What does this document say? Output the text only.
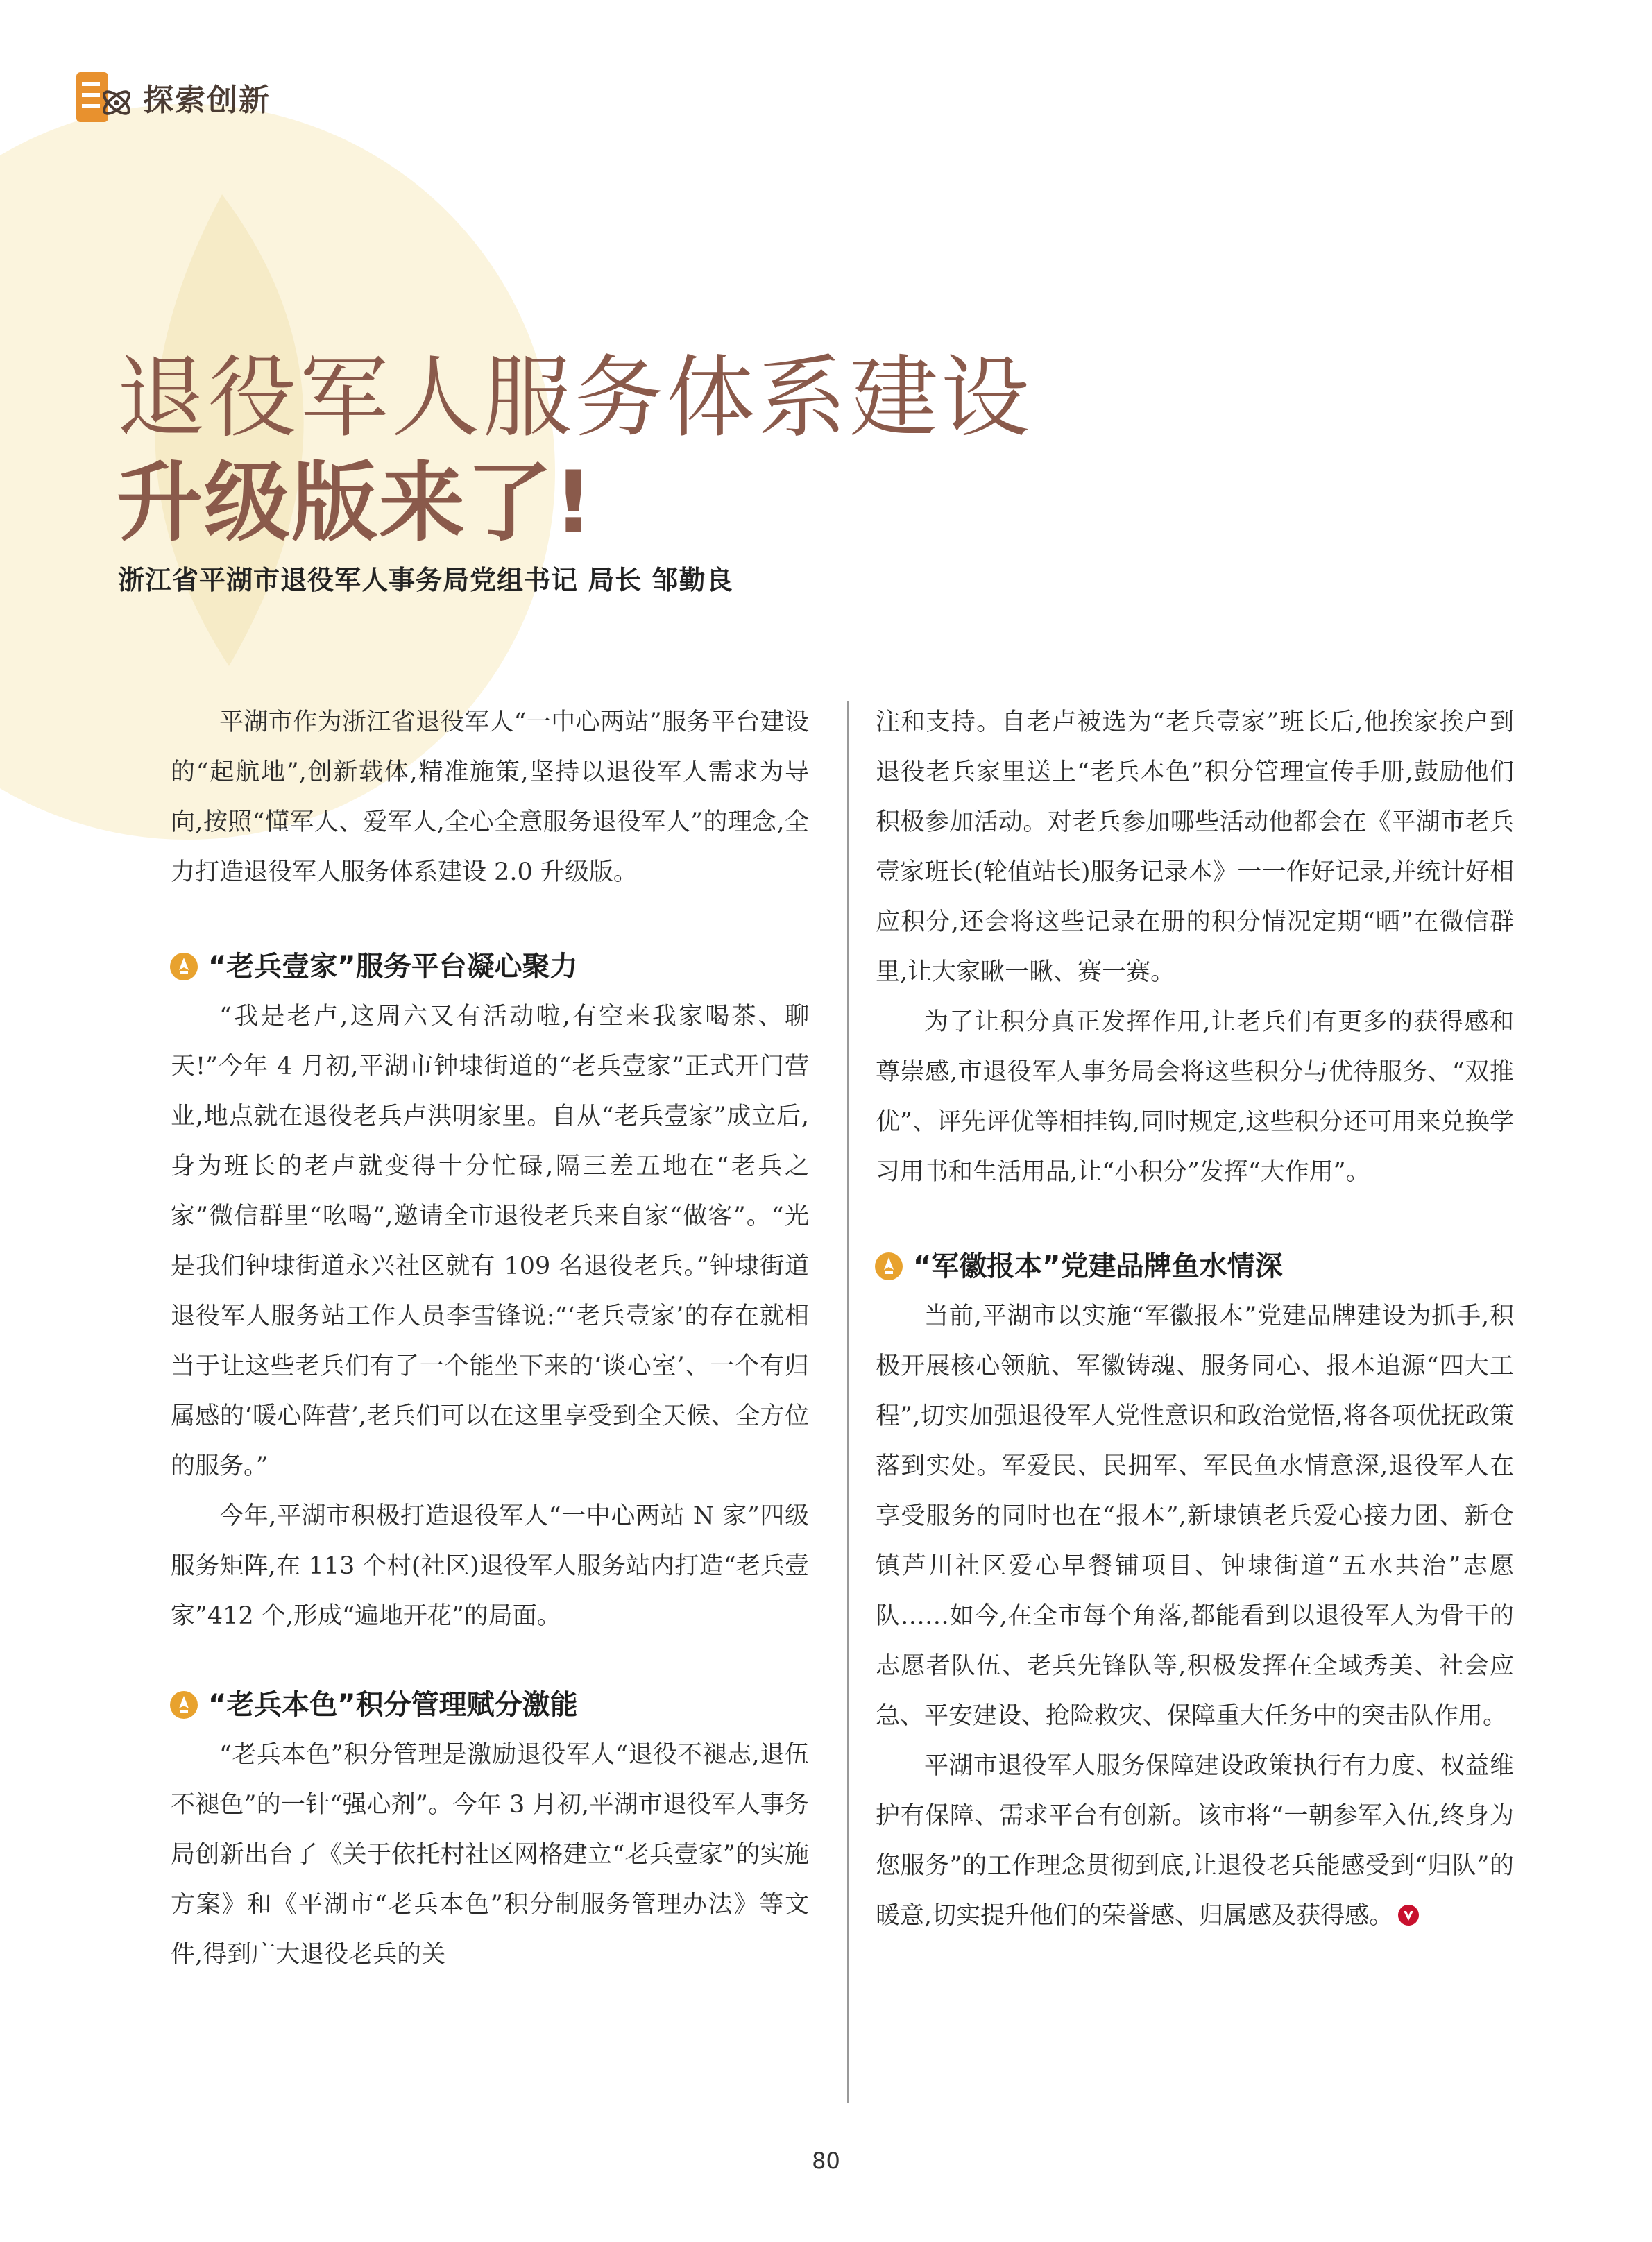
探索创新
退役军人服务体系建设
升级版来了!
浙江省平湖市退役军人事务局党组书记 局长 邹勤良

平湖市作为浙江省退役军人“一中心两站”服务平台建设的“起航地”,创新载体,精准施策,坚持以退役军人需求为导向,按照“懂军人、爱军人,全心全意服务退役军人”的理念,全力打造退役军人服务体系建设 2.0 升级版。

“老兵壹家”服务平台凝心聚力

“我是老卢,这周六又有活动啦,有空来我家喝茶、聊天!”今年 4 月初,平湖市钟埭街道的“老兵壹家”正式开门营业,地点就在退役老兵卢洪明家里。自从“老兵壹家”成立后,身为班长的老卢就变得十分忙碌,隔三差五地在“老兵之家”微信群里“吆喝”,邀请全市退役老兵来自家“做客”。“光是我们钟埭街道永兴社区就有 109 名退役老兵。”钟埭街道退役军人服务站工作人员李雪锋说:“‘老兵壹家’的存在就相当于让这些老兵们有了一个能坐下来的‘谈心室’、一个有归属感的‘暖心阵营’,老兵们可以在这里享受到全天候、全方位的服务。”

今年,平湖市积极打造退役军人“一中心两站 N 家”四级服务矩阵,在 113 个村(社区)退役军人服务站内打造“老兵壹家”412 个,形成“遍地开花”的局面。

“老兵本色”积分管理赋分激能

“老兵本色”积分管理是激励退役军人“退役不褪志,退伍不褪色”的一针“强心剂”。今年 3 月初,平湖市退役军人事务局创新出台了《关于依托村社区网格建立“老兵壹家”的实施方案》和《平湖市“老兵本色”积分制服务管理办法》等文件,得到广大退役老兵的关

注和支持。自老卢被选为“老兵壹家”班长后,他挨家挨户到退役老兵家里送上“老兵本色”积分管理宣传手册,鼓励他们积极参加活动。对老兵参加哪些活动他都会在《平湖市老兵壹家班长(轮值站长)服务记录本》一一作好记录,并统计好相应积分,还会将这些记录在册的积分情况定期“晒”在微信群里,让大家瞅一瞅、赛一赛。

为了让积分真正发挥作用,让老兵们有更多的获得感和尊崇感,市退役军人事务局会将这些积分与优待服务、“双推优”、评先评优等相挂钩,同时规定,这些积分还可用来兑换学习用书和生活用品,让“小积分”发挥“大作用”。

“军徽报本”党建品牌鱼水情深

当前,平湖市以实施“军徽报本”党建品牌建设为抓手,积极开展核心领航、军徽铸魂、服务同心、报本追源“四大工程”,切实加强退役军人党性意识和政治觉悟,将各项优抚政策落到实处。军爱民、民拥军、军民鱼水情意深,退役军人在享受服务的同时也在“报本”,新埭镇老兵爱心接力团、新仓镇芦川社区爱心早餐铺项目、钟埭街道“五水共治”志愿队……如今,在全市每个角落,都能看到以退役军人为骨干的志愿者队伍、老兵先锋队等,积极发挥在全域秀美、社会应急、平安建设、抢险救灾、保障重大任务中的突击队作用。

平湖市退役军人服务保障建设政策执行有力度、权益维护有保障、需求平台有创新。该市将“一朝参军入伍,终身为您服务”的工作理念贯彻到底,让退役老兵能感受到“归队”的暖意,切实提升他们的荣誉感、归属感及获得感。

80
